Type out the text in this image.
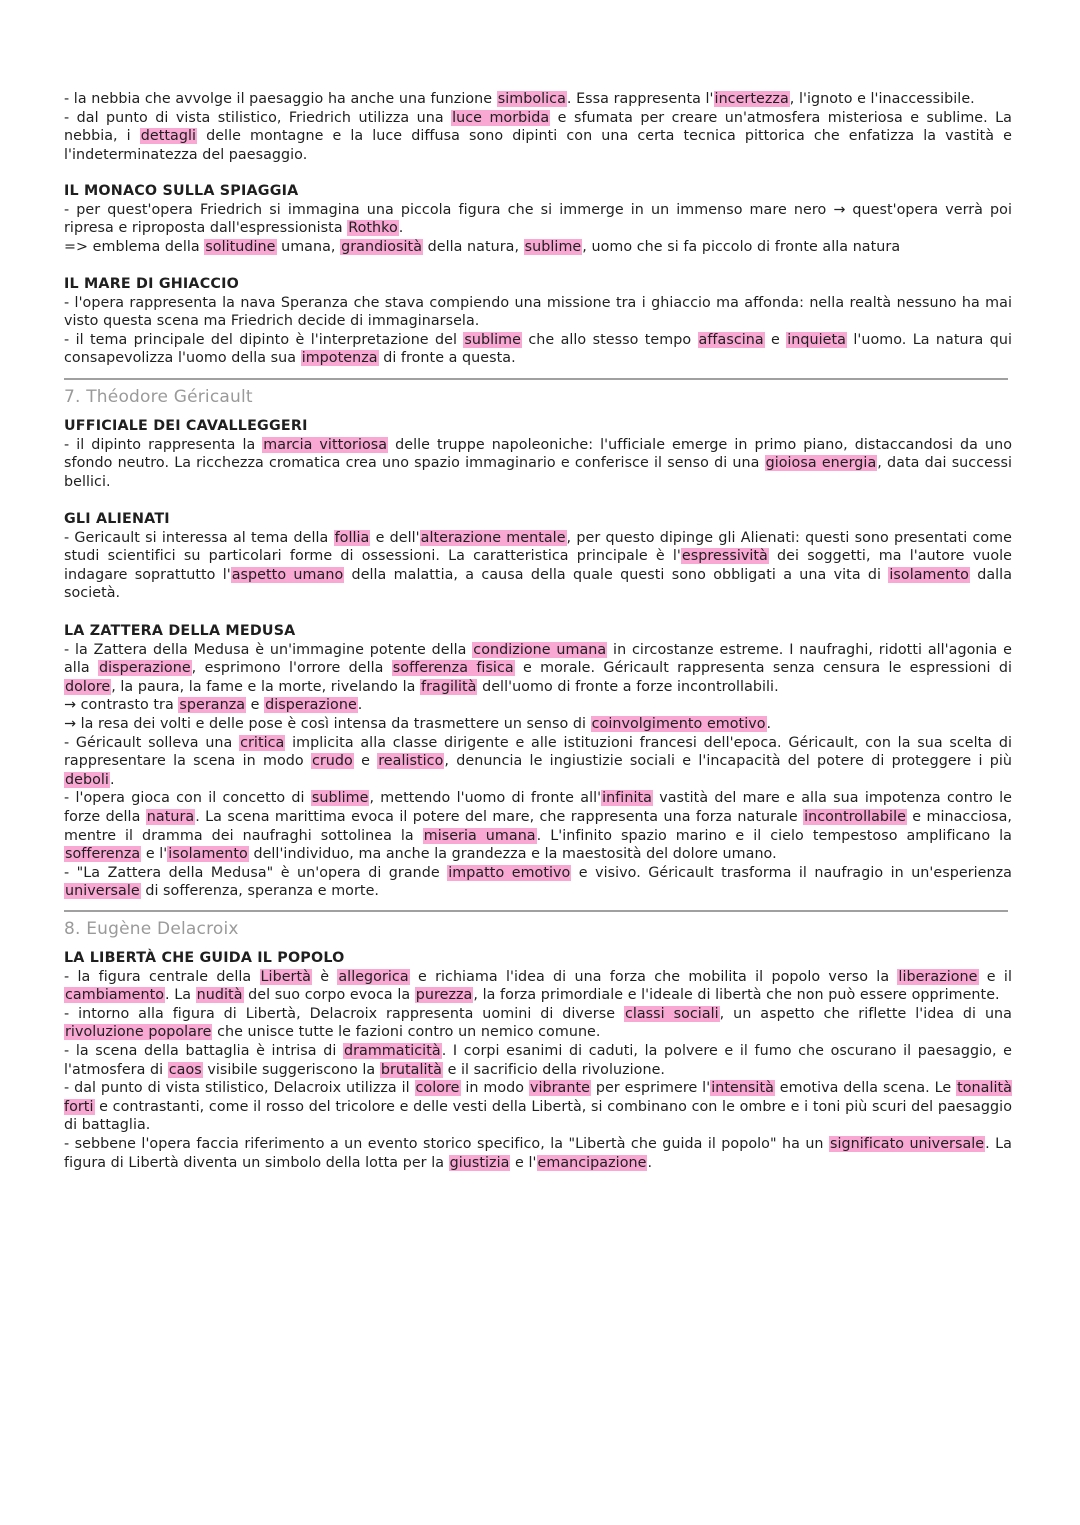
- la nebbia che avvolge il paesaggio ha anche una funzione simbolica. Essa rappresenta l'incertezza, l'ignoto e l'inaccessibile.
- dal punto di vista stilistico, Friedrich utilizza una luce morbida e sfumata per creare un'atmosfera misteriosa e sublime. La nebbia, i dettagli delle montagne e la luce diffusa sono dipinti con una certa tecnica pittorica che enfatizza la vastità e l'indeterminatezza del paesaggio.
IL MONACO SULLA SPIAGGIA
- per quest'opera Friedrich si immagina una piccola figura che si immerge in un immenso mare nero → quest'opera verrà poi ripresa e riproposta dall'espressionista Rothko.
=> emblema della solitudine umana, grandiosità della natura, sublime, uomo che si fa piccolo di fronte alla natura
IL MARE DI GHIACCIO
- l'opera rappresenta la nava Speranza che stava compiendo una missione tra i ghiaccio ma affonda: nella realtà nessuno ha mai visto questa scena ma Friedrich decide di immaginarsela.
- il tema principale del dipinto è l'interpretazione del sublime che allo stesso tempo affascina e inquieta l'uomo. La natura qui consapevolizza l'uomo della sua impotenza di fronte a questa.
7. Théodore Géricault
UFFICIALE DEI CAVALLEGGERI
- il dipinto rappresenta la marcia vittoriosa delle truppe napoleoniche: l'ufficiale emerge in primo piano, distaccandosi da uno sfondo neutro. La ricchezza cromatica crea uno spazio immaginario e conferisce il senso di una gioiosa energia, data dai successi bellici.
GLI ALIENATI
- Gericault si interessa al tema della follia e dell'alterazione mentale, per questo dipinge gli Alienati: questi sono presentati come studi scientifici su particolari forme di ossessioni. La caratteristica principale è l'espressività dei soggetti, ma l'autore vuole indagare soprattutto l'aspetto umano della malattia, a causa della quale questi sono obbligati a una vita di isolamento dalla società.
LA ZATTERA DELLA MEDUSA
- la Zattera della Medusa è un'immagine potente della condizione umana in circostanze estreme. I naufraghi, ridotti all'agonia e alla disperazione, esprimono l'orrore della sofferenza fisica e morale. Géricault rappresenta senza censura le espressioni di dolore, la paura, la fame e la morte, rivelando la fragilità dell'uomo di fronte a forze incontrollabili.
→ contrasto tra speranza e disperazione.
→ la resa dei volti e delle pose è così intensa da trasmettere un senso di coinvolgimento emotivo.
- Géricault solleva una critica implicita alla classe dirigente e alle istituzioni francesi dell'epoca. Géricault, con la sua scelta di rappresentare la scena in modo crudo e realistico, denuncia le ingiustizie sociali e l'incapacità del potere di proteggere i più deboli.
- l'opera gioca con il concetto di sublime, mettendo l'uomo di fronte all'infinita vastità del mare e alla sua impotenza contro le forze della natura. La scena marittima evoca il potere del mare, che rappresenta una forza naturale incontrollabile e minacciosa, mentre il dramma dei naufraghi sottolinea la miseria umana. L'infinito spazio marino e il cielo tempestoso amplificano la sofferenza e l'isolamento dell'individuo, ma anche la grandezza e la maestosità del dolore umano.
- "La Zattera della Medusa" è un'opera di grande impatto emotivo e visivo. Géricault trasforma il naufragio in un'esperienza universale di sofferenza, speranza e morte.
8. Eugène Delacroix
LA LIBERTÀ CHE GUIDA IL POPOLO
- la figura centrale della Libertà è allegorica e richiama l'idea di una forza che mobilita il popolo verso la liberazione e il cambiamento. La nudità del suo corpo evoca la purezza, la forza primordiale e l'ideale di libertà che non può essere opprimente.
- intorno alla figura di Libertà, Delacroix rappresenta uomini di diverse classi sociali, un aspetto che riflette l'idea di una rivoluzione popolare che unisce tutte le fazioni contro un nemico comune.
- la scena della battaglia è intrisa di drammaticità. I corpi esanimi di caduti, la polvere e il fumo che oscurano il paesaggio, e l'atmosfera di caos visibile suggeriscono la brutalità e il sacrificio della rivoluzione.
- dal punto di vista stilistico, Delacroix utilizza il colore in modo vibrante per esprimere l'intensità emotiva della scena. Le tonalità forti e contrastanti, come il rosso del tricolore e delle vesti della Libertà, si combinano con le ombre e i toni più scuri del paesaggio di battaglia.
- sebbene l'opera faccia riferimento a un evento storico specifico, la "Libertà che guida il popolo" ha un significato universale. La figura di Libertà diventa un simbolo della lotta per la giustizia e l'emancipazione.
